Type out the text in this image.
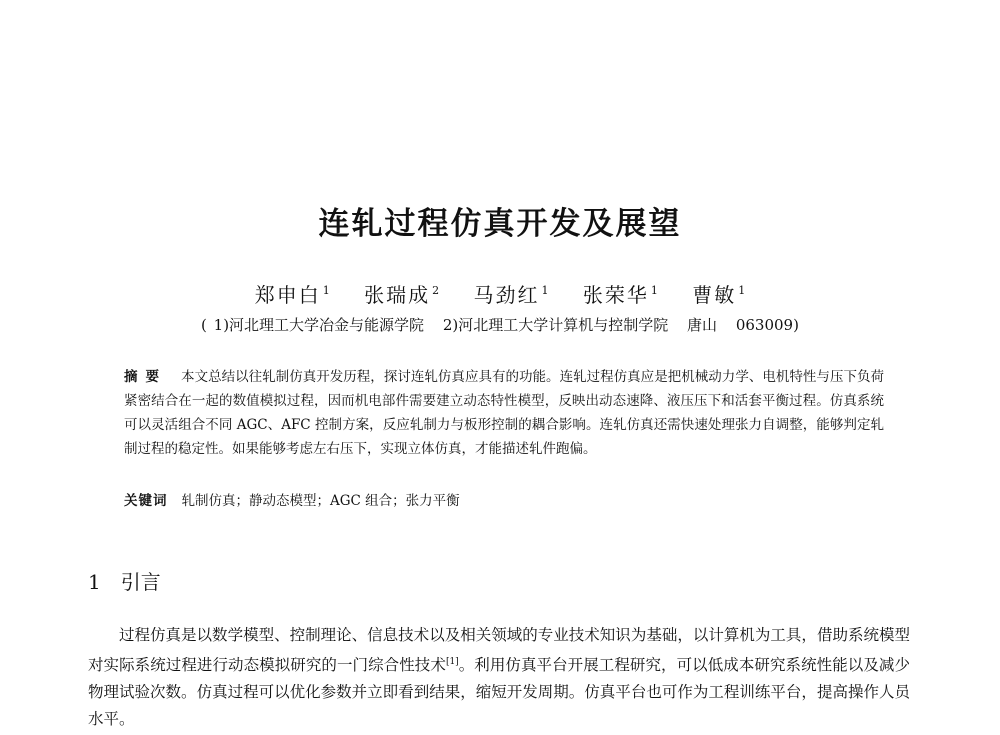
连轧过程仿真开发及展望
郑申白 $^1$ 张瑞成 $^2$ 马劲红 $^1$ 张荣华 $^1$ 曹敏 $^1$
( 1)河北理工大学冶金与能源学院 2)河北理工大学计算机与控制学院 唐山 063009)
摘要 本文总结以往轧制仿真开发历程，探讨连轧仿真应具有的功能。连轧过程仿真应是把机械动力学、电机特性与压下负荷紧密结合在一起的数值模拟过程，因而机电部件需要建立动态特性模型，反映出动态速降、液压压下和活套平衡过程。仿真系统可以灵活组合不同 AGC、AFC 控制方案，反应轧制力与板形控制的耦合影响。连轧仿真还需快速处理张力自调整，能够判定轧制过程的稳定性。如果能够考虑左右压下，实现立体仿真，才能描述轧件跑偏。
关键词 轧制仿真；静动态模型；AGC 组合；张力平衡
1 引言

过程仿真是以数学模型、控制理论、信息技术以及相关领域的专业技术知识为基础，以计算机为工具，借助系统模型对实际系统过程进行动态模拟研究的一门综合性技术[1]。利用仿真平台开展工程研究，可以低成本研究系统性能以及减少物理试验次数。仿真过程可以优化参数并立即看到结果，缩短开发周期。仿真平台也可作为工程训练平台，提高操作人员水平。
